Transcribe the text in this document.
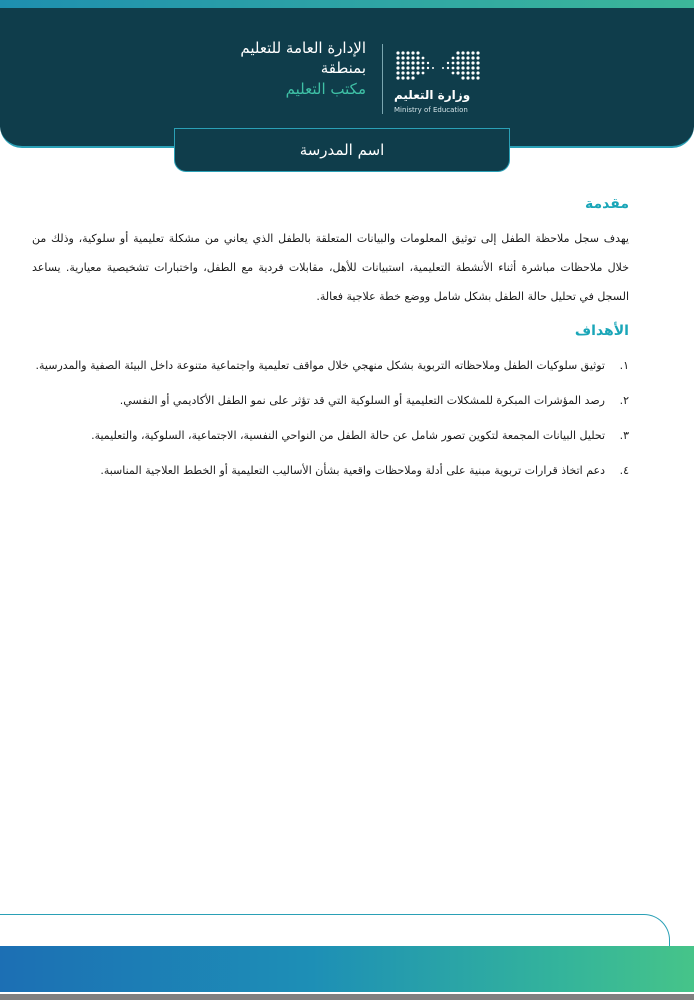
الإدارة العامة للتعليم
بمنطقة
مكتب التعليم وزارة التعليم
Ministry of Education
اسم المدرسة
مقدمة

يهدف سجل ملاحظة الطفل إلى توثيق المعلومات والبيانات المتعلقة بالطفل الذي يعاني من مشكلة تعليمية أو سلوكية، وذلك من خلال ملاحظات مباشرة أثناء الأنشطة التعليمية، استبيانات للأهل، مقابلات فردية مع الطفل، واختبارات تشخيصية معيارية. يساعد السجل في تحليل حالة الطفل بشكل شامل ووضع خطة علاجية فعالة.

الأهداف
١.
توثيق سلوكيات الطفل وملاحظاته التربوية بشكل منهجي خلال مواقف تعليمية واجتماعية متنوعة داخل البيئة الصفية والمدرسية.
٢.
رصد المؤشرات المبكرة للمشكلات التعليمية أو السلوكية التي قد تؤثر على نمو الطفل الأكاديمي أو النفسي.
٣.
تحليل البيانات المجمعة لتكوين تصور شامل عن حالة الطفل من النواحي النفسية، الاجتماعية، السلوكية، والتعليمية.
٤.
دعم اتخاذ قرارات تربوية مبنية على أدلة وملاحظات واقعية بشأن الأساليب التعليمية أو الخطط العلاجية المناسبة.
